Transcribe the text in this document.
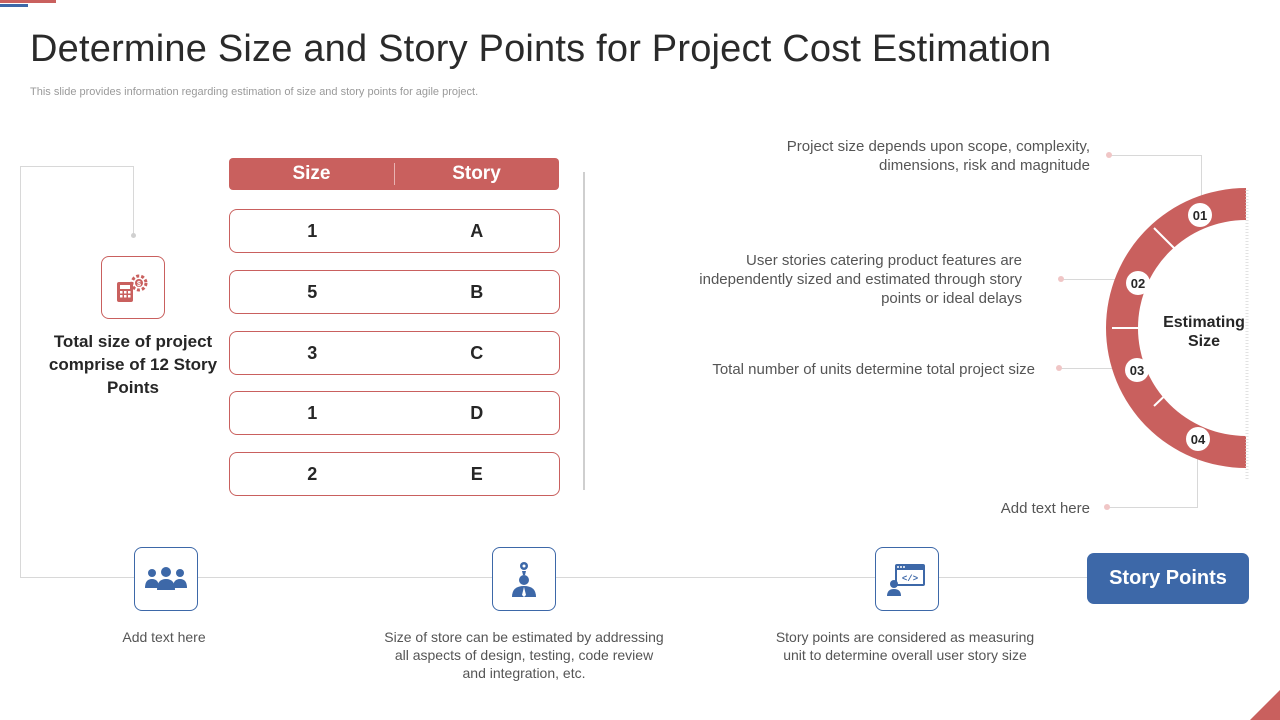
Determine Size and Story Points for Project Cost Estimation
This slide provides information regarding estimation of size and story points for agile project.
$
Total size of project comprise of 12 Story Points
Size	Story
1	A
5	B
3	C
1	D
2	E
Project size depends upon scope, complexity, dimensions, risk and magnitude
User stories catering product features are independently sized and estimated through story points or ideal delays
Total number of units determine total project size
Add text here
01
02
03
04
Estimating Size
</>
Add text here	Size of store can be estimated by addressing all aspects of design, testing, code review and integration, etc.
Story points are considered as measuring unit to determine overall user story size
Story Points
